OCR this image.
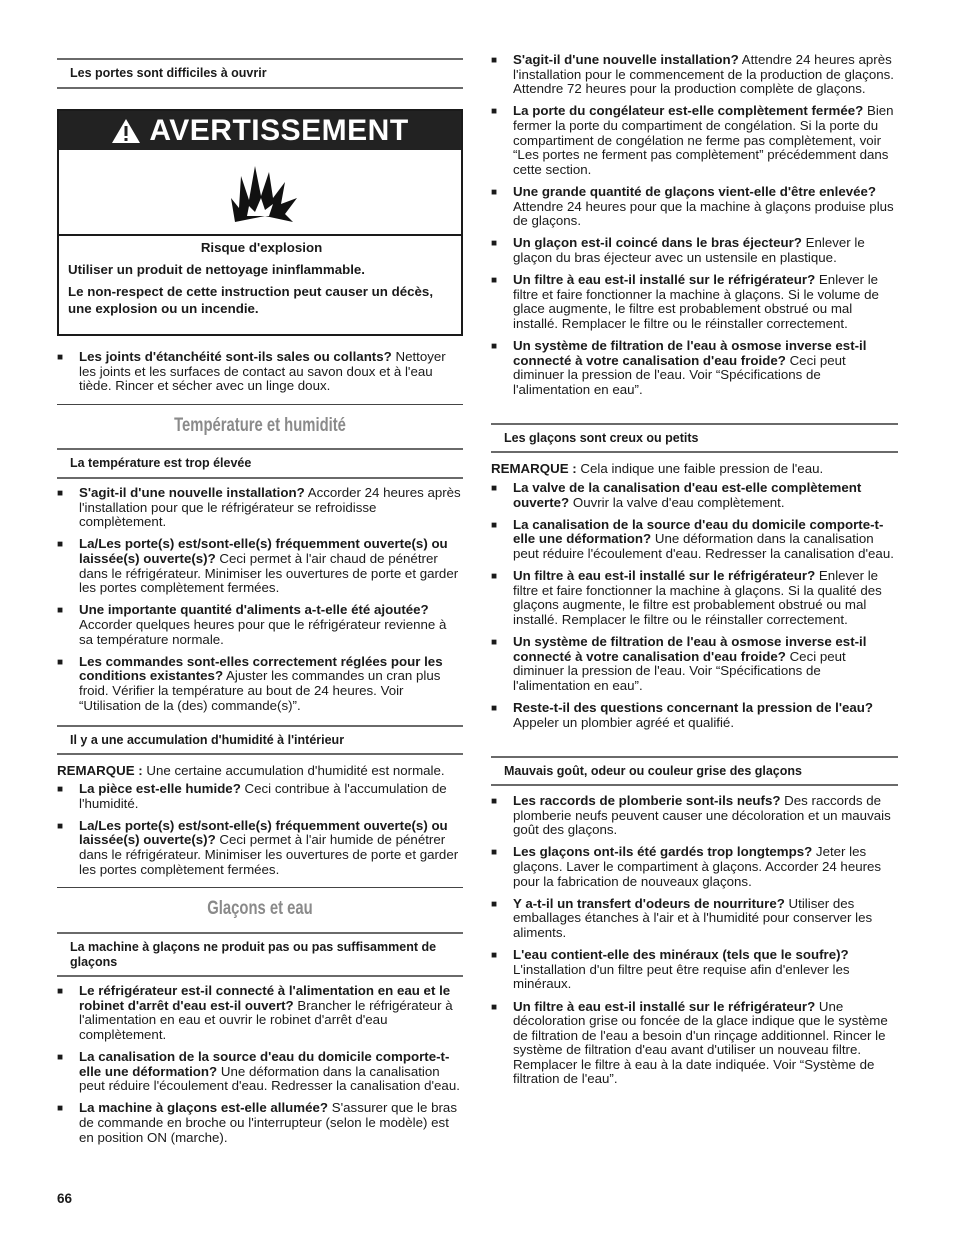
Les portes sont difficiles à ouvrir
AVERTISSEMENT

Risque d'explosion

Utiliser un produit de nettoyage ininflammable.

Le non-respect de cette instruction peut causer un décès, une explosion ou un incendie.

■ Les joints d'étanchéité sont-ils sales ou collants? Nettoyer les joints et les surfaces de contact au savon doux et à l'eau tiède. Rincer et sécher avec un linge doux.
Température et humidité
La température est trop élevée
■ S'agit-il d'une nouvelle installation? Accorder 24 heures après l'installation pour que le réfrigérateur se refroidisse complètement.
■ La/Les porte(s) est/sont-elle(s) fréquemment ouverte(s) ou laissée(s) ouverte(s)? Ceci permet à l'air chaud de pénétrer dans le réfrigérateur. Minimiser les ouvertures de porte et garder les portes complètement fermées.
■ Une importante quantité d'aliments a-t-elle été ajoutée? Accorder quelques heures pour que le réfrigérateur revienne à sa température normale.
■ Les commandes sont-elles correctement réglées pour les conditions existantes? Ajuster les commandes un cran plus froid. Vérifier la température au bout de 24 heures. Voir “Utilisation de la (des) commande(s)”.
Il y a une accumulation d'humidité à l'intérieur
REMARQUE : Une certaine accumulation d'humidité est normale.
■ La pièce est-elle humide? Ceci contribue à l'accumulation de l'humidité.
■ La/Les porte(s) est/sont-elle(s) fréquemment ouverte(s) ou laissée(s) ouverte(s)? Ceci permet à l'air humide de pénétrer dans le réfrigérateur. Minimiser les ouvertures de porte et garder les portes complètement fermées.
Glaçons et eau
La machine à glaçons ne produit pas ou pas suffisamment de glaçons
■ Le réfrigérateur est-il connecté à l'alimentation en eau et le robinet d'arrêt d'eau est-il ouvert? Brancher le réfrigérateur à l'alimentation en eau et ouvrir le robinet d'arrêt d'eau complètement.
■ La canalisation de la source d'eau du domicile comporte-t-elle une déformation? Une déformation dans la canalisation peut réduire l'écoulement d'eau. Redresser la canalisation d'eau.
■ La machine à glaçons est-elle allumée? S'assurer que le bras de commande en broche ou l'interrupteur (selon le modèle) est en position ON (marche).
■ S'agit-il d'une nouvelle installation? Attendre 24 heures après l'installation pour le commencement de la production de glaçons. Attendre 72 heures pour la production complète de glaçons.
■ La porte du congélateur est-elle complètement fermée? Bien fermer la porte du compartiment de congélation. Si la porte du compartiment de congélation ne ferme pas complètement, voir “Les portes ne ferment pas complètement” précédemment dans cette section.
■ Une grande quantité de glaçons vient-elle d'être enlevée? Attendre 24 heures pour que la machine à glaçons produise plus de glaçons.
■ Un glaçon est-il coincé dans le bras éjecteur? Enlever le glaçon du bras éjecteur avec un ustensile en plastique.
■ Un filtre à eau est-il installé sur le réfrigérateur? Enlever le filtre et faire fonctionner la machine à glaçons. Si le volume de glace augmente, le filtre est probablement obstrué ou mal installé. Remplacer le filtre ou le réinstaller correctement.
■ Un système de filtration de l'eau à osmose inverse est-il connecté à votre canalisation d'eau froide? Ceci peut diminuer la pression de l'eau. Voir “Spécifications de l'alimentation en eau”.
Les glaçons sont creux ou petits
REMARQUE : Cela indique une faible pression de l'eau.
■ La valve de la canalisation d'eau est-elle complètement ouverte? Ouvrir la valve d'eau complètement.
■ La canalisation de la source d'eau du domicile comporte-t-elle une déformation? Une déformation dans la canalisation peut réduire l'écoulement d'eau. Redresser la canalisation d'eau.
■ Un filtre à eau est-il installé sur le réfrigérateur? Enlever le filtre et faire fonctionner la machine à glaçons. Si la qualité des glaçons augmente, le filtre est probablement obstrué ou mal installé. Remplacer le filtre ou le réinstaller correctement.
■ Un système de filtration de l'eau à osmose inverse est-il connecté à votre canalisation d'eau froide? Ceci peut diminuer la pression de l'eau. Voir “Spécifications de l'alimentation en eau”.
■ Reste-t-il des questions concernant la pression de l'eau? Appeler un plombier agréé et qualifié.
Mauvais goût, odeur ou couleur grise des glaçons
■ Les raccords de plomberie sont-ils neufs? Des raccords de plomberie neufs peuvent causer une décoloration et un mauvais goût des glaçons.
■ Les glaçons ont-ils été gardés trop longtemps? Jeter les glaçons. Laver le compartiment à glaçons. Accorder 24 heures pour la fabrication de nouveaux glaçons.
■ Y a-t-il un transfert d'odeurs de nourriture? Utiliser des emballages étanches à l'air et à l'humidité pour conserver les aliments.
■ L'eau contient-elle des minéraux (tels que le soufre)? L'installation d'un filtre peut être requise afin d'enlever les minéraux.
■ Un filtre à eau est-il installé sur le réfrigérateur? Une décoloration grise ou foncée de la glace indique que le système de filtration de l'eau a besoin d'un rinçage additionnel. Rincer le système de filtration d'eau avant d'utiliser un nouveau filtre. Remplacer le filtre à eau à la date indiquée. Voir “Système de filtration de l'eau”.
66
